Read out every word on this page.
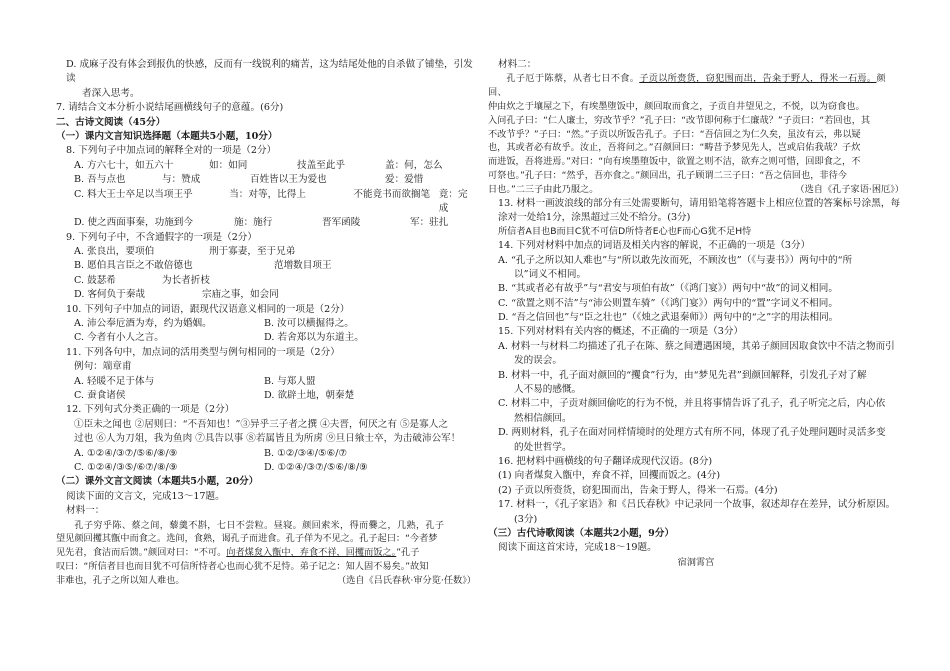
D. 成麻子没有体会到报仇的快感，反而有一线锐利的痛苦，这为结尾处他的自杀做了铺垫，引发读

者深入思考。

7. 请结合文本分析小说结尾画横线句子的意蕴。(6分)

二、古诗文阅读（45分）

（一）课内文言知识选择题（本题共5小题，10分）

8. 下列句子中加点词的解释全对的一项是（2分）

A. 方六七十，如五六十	如：如同	技盖至此乎	盖：何，怎么
B. 吾与点也	与：赞成	百姓皆以王为爱也	爱：爱惜
C. 料大王士卒足以当项王乎	当：对等，比得上	不能竟书而欲搁笔 竟：完成
D. 使之西面事秦，功施到今	施：施行	晋军函陵	军：驻扎

9. 下列句子中，不含通假字的一项是（2分）

A. 张良出，要项伯	刑于寡妻，至于兄弟
B. 愿伯具言臣之不敢倍德也	范增数目项王
C. 鼓瑟希	为长者折枝
D. 客何负于秦哉	宗庙之事，如会同

10. 下列句子中加点的词语，跟现代汉语意义相同的一项是（2分）

A. 沛公奉卮酒为寿，约为婚姻。	B. 汝可以横掘得之。
C. 今者有小人之言。	D. 若舍郑以为东道主。

11. 下列各句中，加点词的活用类型与例句相同的一项是（2分）

例句：端章甫

A. 轻暖不足于体与	B. 与郑人盟
C. 蚕食诸侯	D. 欲辟土地，朝秦楚

12. 下列句式分类正确的一项是（2分）

①臣未之闻也 ②居则曰：“不吾知也！”③异乎三子者之撰 ④夫晋，何厌之有 ⑤是寡人之

过也 ⑥人为刀俎，我为鱼肉 ⑦具告以事 ⑧若属皆且为所虏 ⑨旦日飨士卒，为击破沛公军！

A. ①②④/③⑦/⑤⑥/⑧/⑨	B. ①②/③④/⑤⑥/⑦
C. ①②④/③⑤/⑥⑦/⑧/⑨	D. ①②④/③⑦/⑤⑥/⑧/⑨

（二）课外文言文阅读（本题共5小题，20分）

阅读下面的文言文，完成13～17题。

材料一：

孔子穷乎陈、蔡之间，藜羹不斟，七日不尝粒。昼寝。颜回索米，得而爨之，几熟，孔子

望见颜回攫其甑中而食之。选间，食熟，谒孔子而进食。孔子佯为不见之。孔子起曰：“今者梦

见先君，食洁而后馈。”颜回对曰：“不可。向者煤炱入甑中，弃食不祥，回攫而饭之。”孔子

叹曰：“所信者目也而目犹不可信所恃者心也而心犹不足恃。弟子记之：知人固不易矣。”故知

非难也，孔子之所以知人难也。	（选自《吕氏春秋·审分览·任数》）

材料二：

孔子厄于陈蔡，从者七日不食。子贡以所赍货，窃犯围而出，告籴于野人，得米一石焉。颜回、

仲由炊之于壤屋之下，有埃墨堕饭中，颜回取而食之，子贡自井望见之，不悦，以为窃食也。

入问孔子曰：“仁人廉士，穷改节乎？”孔子曰：“改节即何称于仁廉哉？”子贡曰：“若回也，其

不改节乎？”子曰：“然。”子贡以所饭告孔子。子曰：“吾信回之为仁久矣，虽汝有云，弗以疑

也，其或者必有故乎。汝止，吾将问之。”召颜回曰：“畴昔予梦见先人，岂或启佑我哉？子炊

而进饭，吾将进焉。”对曰：“向有埃墨堕饭中，欲置之则不洁，欲弃之则可惜，回即食之，不

可祭也。”孔子曰：“然乎，吾亦食之。”颜回出，孔子顾谓二三子曰：“吾之信回也，非待今

日也。”二三子由此乃服之。	（选自《孔子家语·困厄》）

13. 材料一画波浪线的部分有三处需要断句，请用铅笔将答题卡上相应位置的答案标号涂黑，每

涂对一处给1分，涂黑超过三处不给分。(3分)

所信者A目也B而目C犹不可信D所恃者E心也F而心G犹不足H恃

14. 下列对材料中加点的词语及相关内容的解说，不正确的一项是（3分）

A. “孔子之所以知人难也”与“所以敢先汝而死，不顾汝也”（《与妻书》）两句中的“所

以”词义不相同。

B. “其或者必有故乎”与“君安与项伯有故”（《鸿门宴》）两句中“故”的词义相同。

C. “欲置之则不洁”与“沛公则置车骑”（《鸿门宴》）两句中的“置”字词义不相同。

D. “吾之信回也”与“臣之壮也”（《烛之武退秦师》）两句中的“之”字的用法相同。

15. 下列对材料有关内容的概述，不正确的一项是（3分）

A. 材料一与材料二均描述了孔子在陈、蔡之间遭遇困境，其弟子颜回因取食饮中不洁之物而引

发的误会。

B. 材料一中，孔子面对颜回的“攫食”行为，由“梦见先君”到颜回解释，引发孔子对了解

人不易的感慨。

C. 材料二中，子贡对颜回偷吃的行为不悦，并且将事情告诉了孔子，孔子听完之后，内心依

然相信颜回。

D. 两则材料，孔子在面对同样情境时的处理方式有所不同，体现了孔子处理问题时灵活多变

的处世哲学。

16. 把材料中画横线的句子翻译成现代汉语。(8分)

(1) 向者煤炱入甑中，弃食不祥，回攫而饭之。(4分)

(2) 子贡以所赍货，窃犯围而出，告籴于野人，得米一石焉。(4分)

17. 材料一，《孔子家语》和《吕氏春秋》中记录同一个故事，叙述却存在差异，试分析原因。

(3分)

（三）古代诗歌阅读（本题共2小题，9分）

阅读下面这首宋诗，完成18～19题。

宿洞霄宫
